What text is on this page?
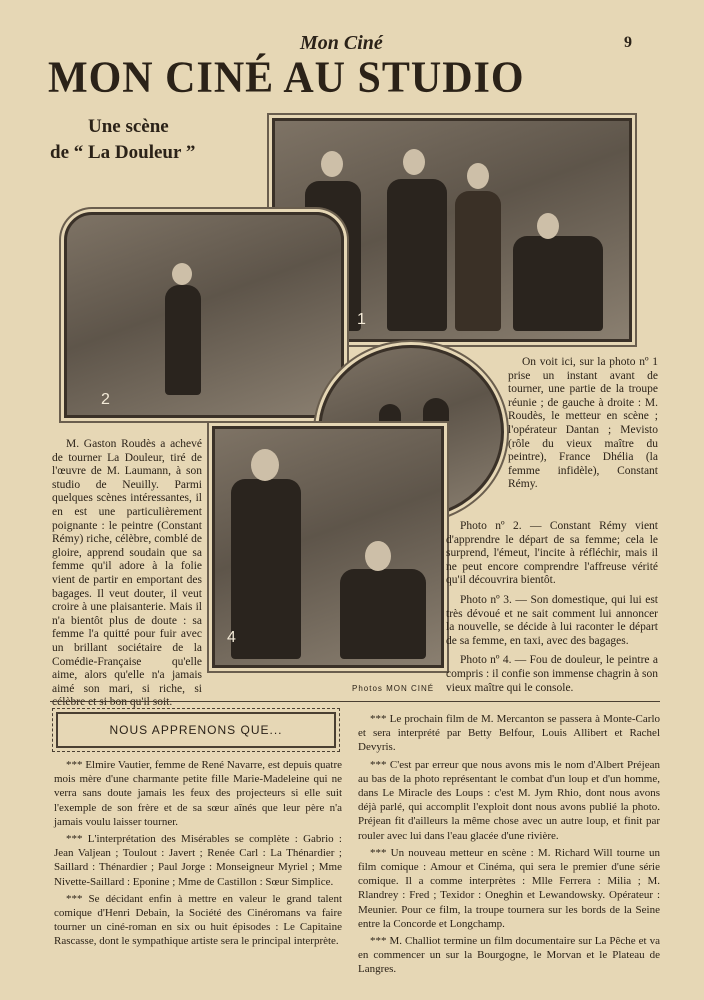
Mon Ciné	9
MON CINÉ AU STUDIO
Une scène
de “ La Douleur ”
1
2
4

M. Gaston Roudès a achevé de tourner La Douleur, tiré de l'œuvre de M. Laumann, à son studio de Neuilly. Parmi quelques scènes intéressantes, il en est une particulièrement poignante : le peintre (Constant Rémy) riche, célèbre, comblé de gloire, apprend soudain que sa femme qu'il adore à la folie vient de partir en emportant des bagages. Il veut douter, il veut croire à une plaisanterie. Mais il n'a bientôt plus de doute : sa femme l'a quitté pour fuir avec un brillant sociétaire de la Comédie-Française qu'elle aime, alors qu'elle n'a jamais aimé son mari, si riche, si célèbre et si bon qu'il soit.

On voit ici, sur la photo nº 1 prise un instant avant de tourner, une partie de la troupe réunie ; de gauche à droite : M. Roudès, le metteur en scène ; l'opérateur Dantan ; Mevisto (rôle du vieux maître du peintre), France Dhélia (la femme infidèle), Constant Rémy.

Photo nº 2. — Constant Rémy vient d'apprendre le départ de sa femme; cela le surprend, l'émeut, l'incite à réfléchir, mais il ne peut encore comprendre l'affreuse vérité qu'il découvrira bientôt.

Photo nº 3. — Son domestique, qui lui est très dévoué et ne sait comment lui annoncer la nouvelle, se décide à lui raconter le départ de sa femme, en taxi, avec des bagages.

Photo nº 4. — Fou de douleur, le peintre a compris : il confie son immense chagrin à son vieux maître qui le console.

Photos MON CINÉ
NOUS APPRENONS QUE...

*** Elmire Vautier, femme de René Navarre, est depuis quatre mois mère d'une charmante petite fille Marie-Madeleine qui ne verra sans doute jamais les feux des projecteurs si elle suit l'exemple de son frère et de sa sœur aînés que leur père n'a jamais voulu laisser tourner.

*** L'interprétation des Misérables se complète : Gabrio : Jean Valjean ; Toulout : Javert ; Renée Carl : La Thénardier ; Saillard : Thénardier ; Paul Jorge : Monseigneur Myriel ; Mme Nivette-Saillard : Eponine ; Mme de Castillon : Sœur Simplice.

*** Se décidant enfin à mettre en valeur le grand talent comique d'Henri Debain, la Société des Cinéromans va faire tourner un ciné-roman en six ou huit épisodes : Le Capitaine Rascasse, dont le sympathique artiste sera le principal interprète.

*** Le prochain film de M. Mercanton se passera à Monte-Carlo et sera interprété par Betty Belfour, Louis Allibert et Rachel Devyris.

*** C'est par erreur que nous avons mis le nom d'Albert Préjean au bas de la photo représentant le combat d'un loup et d'un homme, dans Le Miracle des Loups : c'est M. Jym Rhio, dont nous avons déjà parlé, qui accomplit l'exploit dont nous avons publié la photo. Préjean fit d'ailleurs la même chose avec un autre loup, et finit par rouler avec lui dans l'eau glacée d'une rivière.

*** Un nouveau metteur en scène : M. Richard Will tourne un film comique : Amour et Cinéma, qui sera le premier d'une série comique. Il a comme interprètes : Mlle Ferrera : Milia ; M. Rlandrey : Fred ; Texidor : Oneghin et Lewandowsky. Opérateur : Meunier. Pour ce film, la troupe tournera sur les bords de la Seine entre la Concorde et Longchamp.

*** M. Challiot termine un film documentaire sur La Pêche et va en commencer un sur la Bourgogne, le Morvan et le Plateau de Langres.
